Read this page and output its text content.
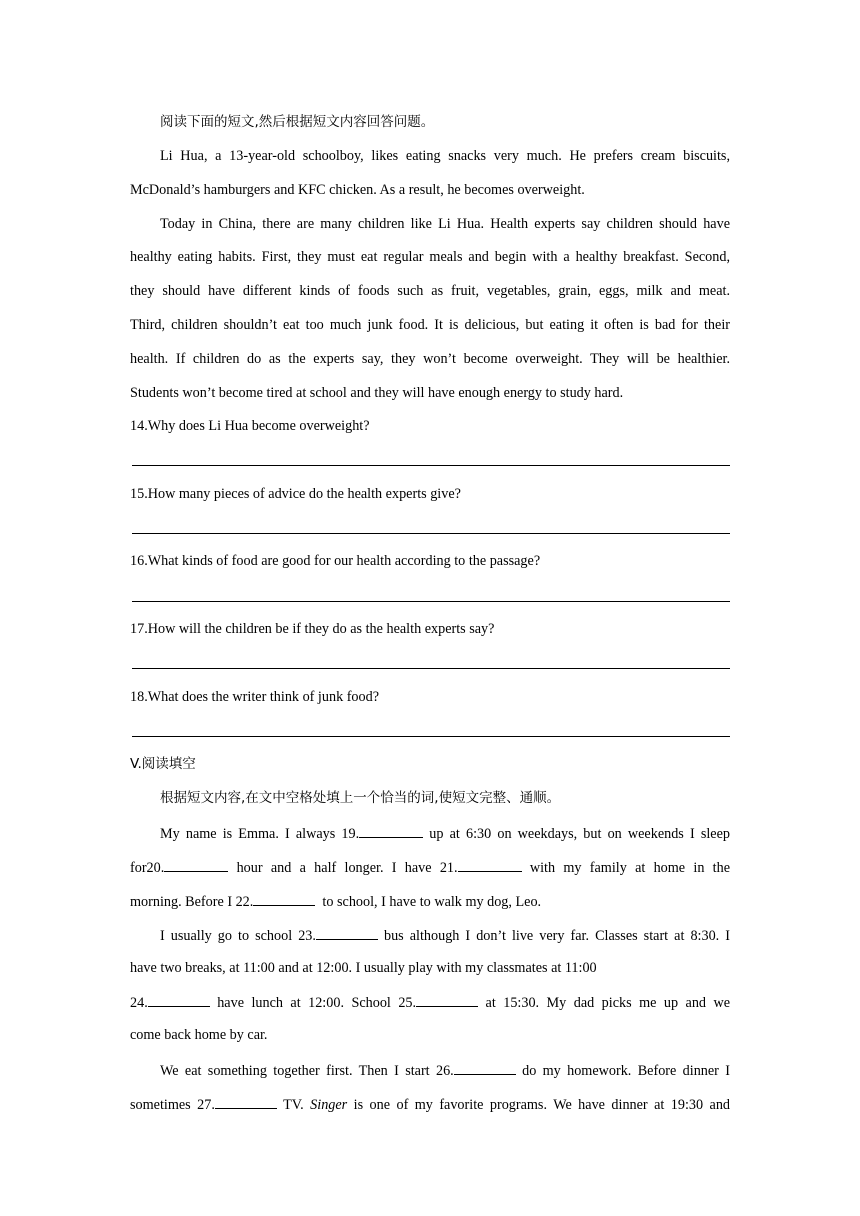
阅读下面的短文,然后根据短文内容回答问题。
Li Hua, a 13-year-old schoolboy, likes eating snacks very much. He prefers cream biscuits,
McDonald’s hamburgers and KFC chicken. As a result, he becomes overweight.
Today in China, there are many children like Li Hua. Health experts say children should have
healthy eating habits. First, they must eat regular meals and begin with a healthy breakfast. Second,
they should have different kinds of foods such as fruit, vegetables, grain, eggs, milk and meat.
Third, children shouldn’t eat too much junk food. It is delicious, but eating it often is bad for their
health. If children do as the experts say, they won’t become overweight. They will be healthier.
Students won’t become tired at school and they will have enough energy to study hard.
14.Why does Li Hua become overweight?
15.How many pieces of advice do the health experts give?
16.What kinds of food are good for our health according to the passage?
17.How will the children be if they do as the health experts say?
18.What does the writer think of junk food?
V.阅读填空
根据短文内容,在文中空格处填上一个恰当的词,使短文完整、通顺。
My name is Emma. I always 19.	up at 6:30 on weekdays, but on weekends I sleep
for20.	hour and a half longer. I have 21.	with my family at home in the
morning. Before I 22.	to school, I have to walk my dog, Leo.
I usually go to school 23.	bus although I don’t live very far. Classes start at 8:30. I
have two breaks, at 11:00 and at 12:00. I usually play with my classmates at 11:00
24.	have lunch at 12:00. School 25.	at 15:30. My dad picks me up and we
come back home by car.
We eat something together first. Then I start 26.	do my homework. Before dinner I
sometimes 27.	TV. Singer is one of my favorite programs. We have dinner at 19:30 and
